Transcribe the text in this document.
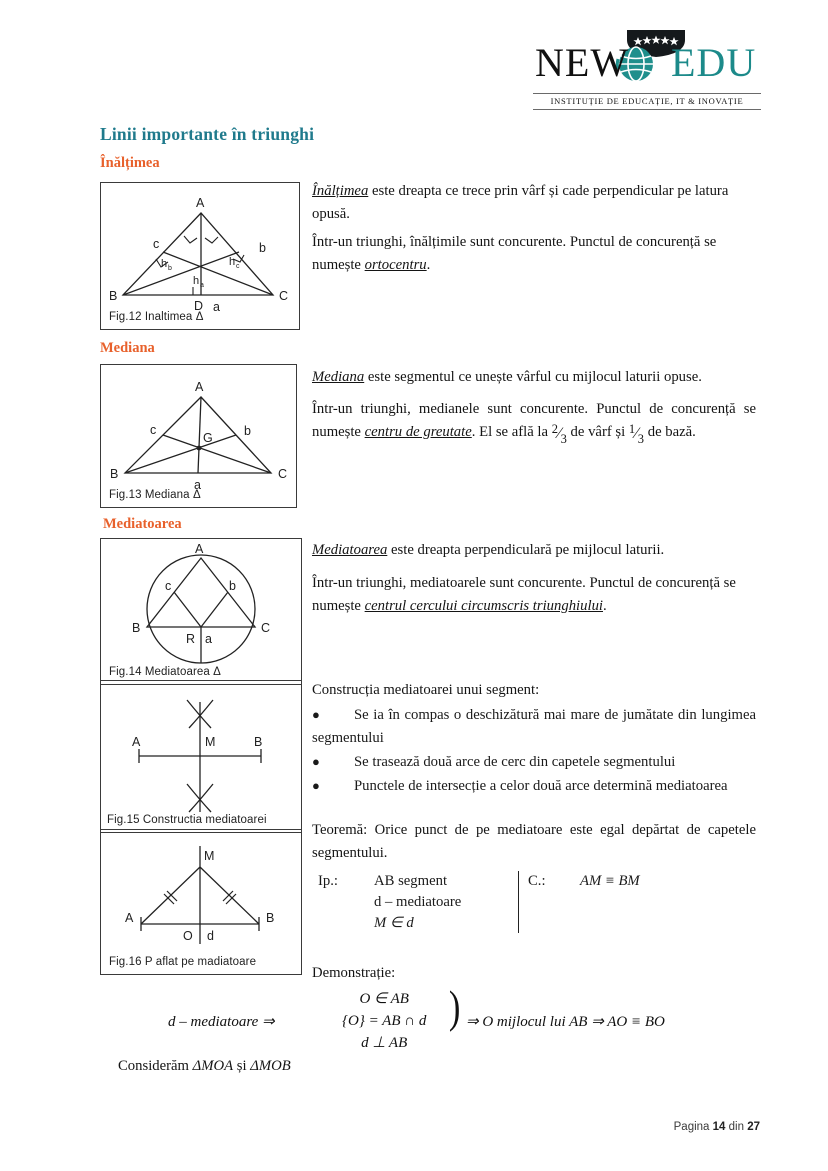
NEW EDU
INSTITUȚIE DE EDUCAȚIE, IT & INOVAȚIE
Linii importante în triunghi
Înălțimea
Mediana
Mediatoarea
A
B	C
D a
b
c
h
h	h
a
b	c
Fig.12 Inaltimea Δ
A
B	C
a
b
c
G
Fig.13 Mediana Δ
A
B	C
R a
b
c
Fig.14 Mediatoarea Δ
A	M	B
Fig.15 Constructia mediatoarei
M
A	B
O d
Fig.16 P aflat pe madiatoare
Înălțimea este dreapta ce trece prin vârf și cade perpendicular pe latura opusă.
Într-un triunghi, înălțimile sunt concurente. Punctul de concurență se numește ortocentru.
Mediana este segmentul ce unește vârful cu mijlocul laturii opuse.
Într-un triunghi, medianele sunt concurente. Punctul de concurență se numește centru de greutate. El se află la 2⁄3 de vârf și 1⁄3 de bază.
Mediatoarea este dreapta perpendiculară pe mijlocul laturii.
Într-un triunghi, mediatoarele sunt concurente. Punctul de concurență se numește centrul cercului circumscris triunghiului.
Construcția mediatoarei unui segment:
● Se ia în compas o deschizătură mai mare de jumătate din lungimea segmentului
● Se trasează două arce de cerc din capetele segmentului
● Punctele de intersecție a celor două arce determină mediatoarea
Teoremă: Orice punct de pe mediatoare este egal depărtat de capetele segmentului.
Ip.: AB segment
d – mediatoare
M ∈ d
C.: AM ≡ BM
Demonstrație:
d – mediatoare ⇒
O ∈ AB
{O} = AB ∩ d
d ⊥ AB
) ⇒ O mijlocul lui AB ⇒ AO ≡ BO
Considerăm ΔMOA și ΔMOB
Pagina 14 din 27
